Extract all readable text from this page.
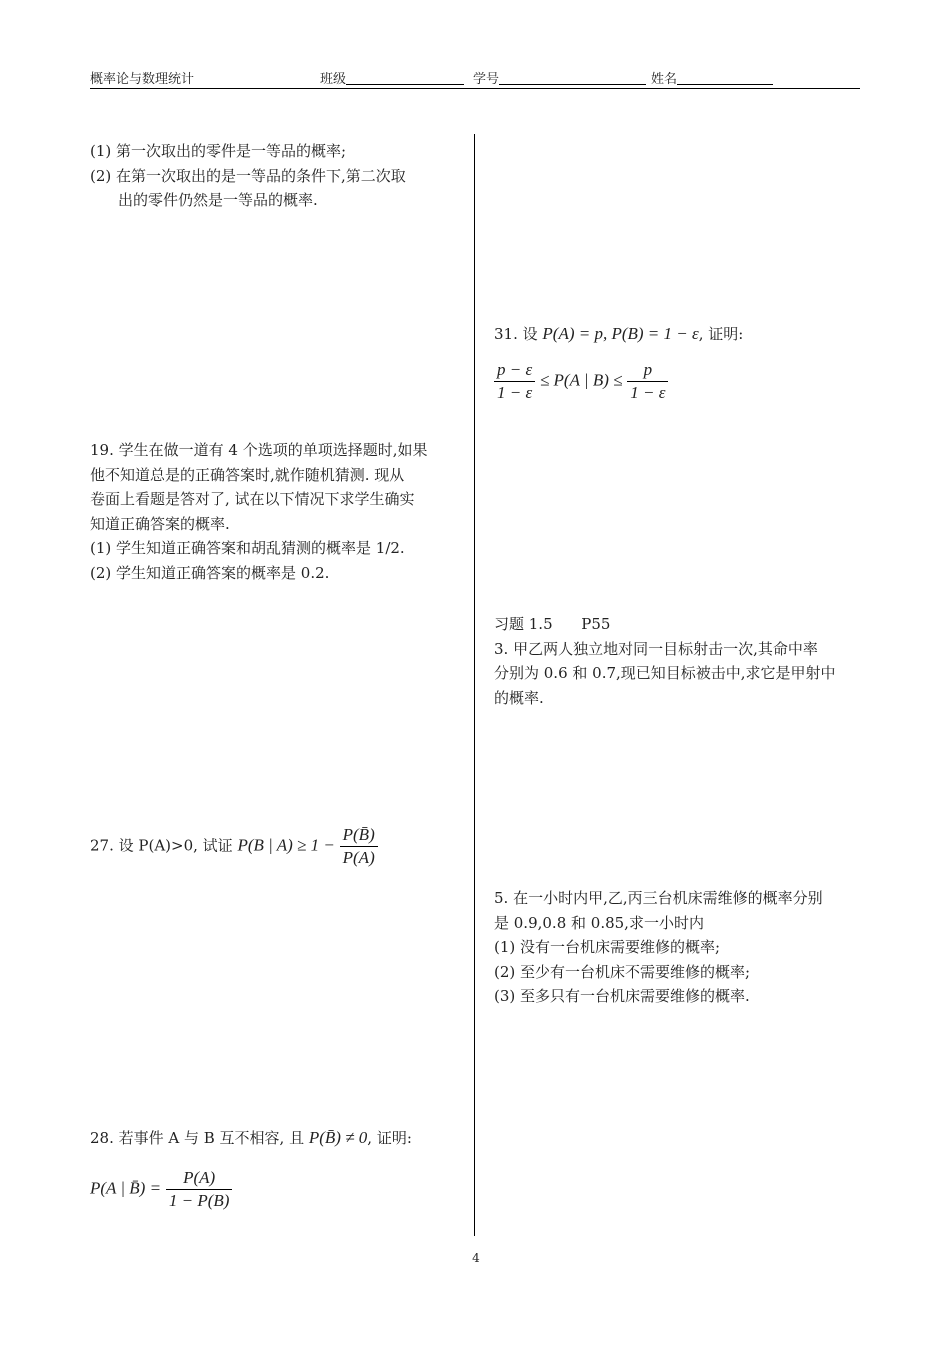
概率论与数理统计	班级	学号	姓名
(1) 第一次取出的零件是一等品的概率;
(2) 在第一次取出的是一等品的条件下,第二次取
出的零件仍然是一等品的概率.
19. 学生在做一道有 4 个选项的单项选择题时,如果
他不知道总是的正确答案时,就作随机猜测. 现从
卷面上看题是答对了, 试在以下情况下求学生确实
知道正确答案的概率.
(1) 学生知道正确答案和胡乱猜测的概率是 1/2.
(2) 学生知道正确答案的概率是 0.2.
27. 设 P(A)>0, 试证 P(B | $A) \ge 1 - \frac{P(B̄)}{P(A)}$
28. 若事件 A 与 B 互不相容, 且 P(B̄) ≠ 0, 证明:
P(A | B̄) = $\frac{P(A)}{1 - P(B)}$
31. 设 P(A) = p, P(B) = 1 − ε, 证明:
$\frac{p - \varepsilon}{1 - \varepsilon} \le P(A$ | $B) \le \frac{p}{1 - \varepsilon}$
习题 1.5      P55
3. 甲乙两人独立地对同一目标射击一次,其命中率
分别为 0.6 和 0.7,现已知目标被击中,求它是甲射中
的概率.
5. 在一小时内甲,乙,丙三台机床需维修的概率分别
是 0.9,0.8 和 0.85,求一小时内
(1) 没有一台机床需要维修的概率;
(2) 至少有一台机床不需要维修的概率;
(3) 至多只有一台机床需要维修的概率.
4
